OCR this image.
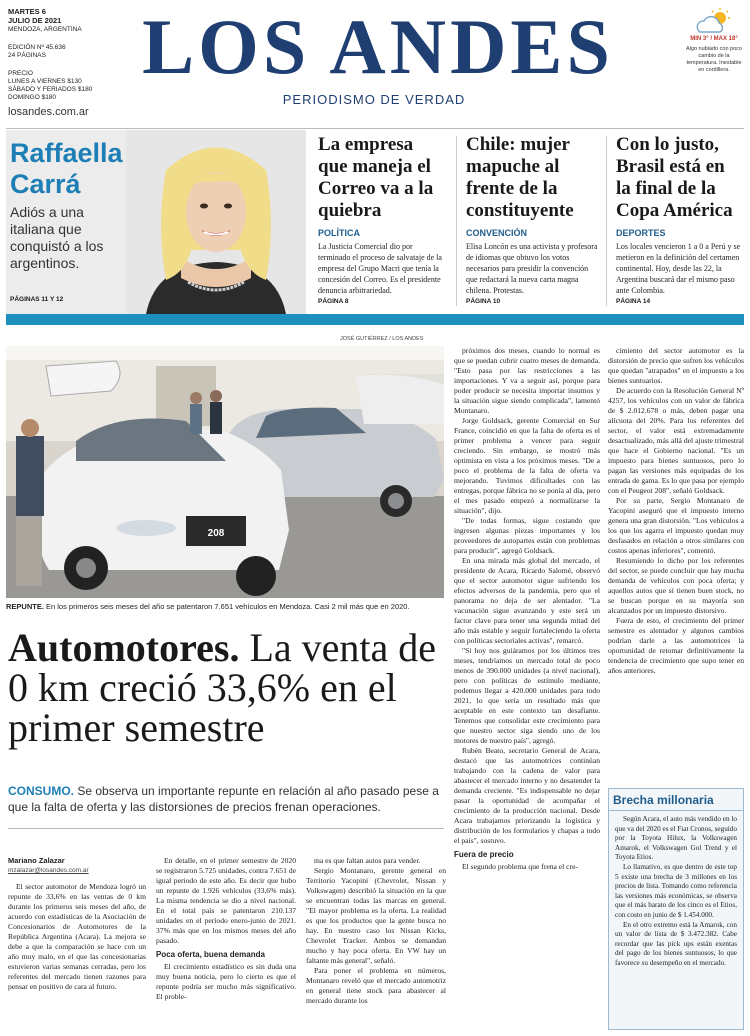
MARTES 6
JULIO DE 2021
MENDOZA, ARGENTINA
EDICIÓN Nº 45.636
24 PÁGINAS
PRECIO
LUNES A VIERNES $130
SÁBADO Y FERIADOS $180
DOMINGO $180
LOS ANDES
PERIODISMO DE VERDAD
losandes.com.ar
MIN 3° / MAX 18°
Algo nublado con poco cambio de la temperatura. Inestable en cordillera.
Raffaella
Carrá
Adiós a una italiana que conquistó a los argentinos.
PÁGINAS 11 Y 12
La empresa que maneja el Correo va a la quiebra
POLÍTICA

La Justicia Comercial dio por terminado el proceso de salvataje de la empresa del Grupo Macri que tenía la concesión del Correo. Es el presidente denuncia arbitrariedad.

PÁGINA 8
Chile: mujer mapuche al frente de la constituyente
CONVENCIÓN

Elisa Loncón es una activista y profesora de idiomas que obtuvo los votos necesarios para presidir la convención que redactará la nueva carta magna chilena. Protestas.

PÁGINA 10
Con lo justo, Brasil está en la final de la Copa América
DEPORTES

Los locales vencieron 1 a 0 a Perú y se metieron en la definición del certamen continental. Hoy, desde las 22, la Argentina buscará dar el mismo paso ante Colombia.

PÁGINA 14
JOSÉ GUTIÉRREZ / LOS ANDES
208
REPUNTE. En los primeros seis meses del año se patentaron 7.651 vehículos en Mendoza. Casi 2 mil más que en 2020.
Automotores. La venta de 0 km creció 33,6% en el primer semestre
CONSUMO. Se observa un importante repunte en relación al año pasado pese a que la falta de oferta y las distorsiones de precios frenan operaciones.
Mariano Zalazar
mzalazar@losandes.com.ar

El sector automotor de Mendoza logró un repunte de 33,6% en las ventas de 0 km durante los primeros seis meses del año, de acuerdo con estadísticas de la Asociación de Concesionarios de Automotores de la República Argentina (Acara). La mejora se debe a que la comparación se hace con un año muy malo, en el que las concesionarias estuvieron varias semanas cerradas, pero los referentes del mercado tienen razones para pensar en positivo de cara al futuro.

En detalle, en el primer semestre de 2020 se registraron 5.725 unidades, contra 7.651 de igual periodo de este año. Es decir que hubo un repunte de 1.926 vehículos (33,6% más). La misma tendencia se dio a nivel nacional. En el total país se patentaron 210.137 unidades en el período enero-junio de 2021. 37% más que en los mismos meses del año pasado.

Poca oferta, buena demanda

El crecimiento estadístico es sin duda una muy buena noticia, pero lo cierto es que el repunte podría ser mucho más significativo. El proble-

ma es que faltan autos para vender.

Sergio Montanaro, gerente general en Territorio Yacopini (Chevrolet, Nissan y Volkswagen) describió la situación en la que se encuentran todas las marcas en general. "El mayor problema es la oferta. La realidad es que los productos que la gente busca no hay. En nuestro caso los Nissan Kicks, Chevrolet Tracker. Ambos se demandan mucho y hay poca oferta. En VW hay un faltante más general", señaló.

Para poner el problema en números, Montanaro reveló que el mercado automotriz en general tiene stock para abastecer al mercado durante los

próximos dos meses, cuando lo normal es que se puedan cubrir cuatro meses de demanda. "Esto pasa por las restricciones a las importaciones. Y va a seguir así, porque para poder producir se necesita importar insumos y la situación sigue siendo complicada", lamentó Montanaro.

Jorge Goldsack, gerente Comercial en Sur France, coincidió en que la falta de oferta es el primer problema a vencer para seguir creciendo. Sin embargo, se mostró más optimista en vista a los próximos meses. "De a poco el problema de la falta de oferta va mejorando. Tuvimos dificultades con las entregas, porque fábrica no se ponía al día, pero el mes pasado empezó a normalizarse la situación", dijo.

"De todas formas, sigue costando que ingresen algunas piezas importantes y los proveedores de autopartes están con problemas para producir", agregó Goldsack.

En una mirada más global del mercado, el presidente de Acara, Ricardo Salomé, observó que el sector automotor sigue sufriendo los efectos adversos de la pandemia, pero que el panorama no deja de ser alentador. "La vacunación sigue avanzando y este será un factor clave para tener una segunda mitad del año más estable y seguir fortaleciendo la oferta con políticas sectoriales activas", remarcó.

"Si hoy nos guiáramos por los últimos tres meses, tendríamos un mercado total de poco menos de 390.000 unidades (a nivel nacional), pero con políticas de estímulo mediante, podemos llegar a 420.000 unidades para todo 2021, lo que sería un resultado más que aceptable en este contexto tan desafiante. Tenemos que consolidar este crecimiento para que nuestro sector siga siendo uno de los motores de nuestro país", agregó.

Rubén Beato, secretario General de Acara, destacó que las automotrices continúan trabajando con la cadena de valor para abastecer el mercado interno y no desatender la demanda creciente. "Es indispensable no dejar pasar la oportunidad de acompañar el crecimiento de la producción nacional. Desde Acara trabajamos priorizando la logística y distribución de los formularios y chapas a todo el país", sostuvo.

Fuera de precio

El segundo problema que frena el cre-

cimiento del sector automotor es la distorsión de precio que sufren los vehículos que quedan "atrapados" en el impuesto a los bienes suntuarios.

De acuerdo con la Resolución General Nº 4257, los vehículos con un valor de fábrica de $ 2.012.678 o más, deben pagar una alícuota del 20%. Para los referentes del sector, el valor está extremadamente desactualizado, más allá del ajuste trimestral que hace el Gobierno nacional. "Es un impuesto para bienes suntuosos, pero lo pagan las versiones más equipadas de los entrada de gama. Es lo que pasa por ejemplo con el Peugeot 208", señaló Goldsack.

Por su parte, Sergio Montanaro de Yacopini aseguró que el impuesto interno genera una gran distorsión. "Los vehículos a los que los agarra el impuesto quedan muy desfasados en relación a otros similares con costos apenas inferiores", comentó.

Resumiendo lo dicho por los referentes del sector, se puede concluir que hay mucha demanda de vehículos con poca oferta; y aquellos autos que sí tienen buen stock, no se buscan porque en su mayoría son alcanzados por un impuesto distorsivo.

Fuera de esto, el crecimiento del primer semestre es alentador y algunos cambios podrían darle a las automotrices la oportunidad de retomar definitivamente la tendencia de crecimiento que supo tener en años anteriores.

Brecha millonaria

Según Acara, el auto más vendido en lo que va del 2020 es el Fiat Cronos, seguido por la Toyota Hilux, la Volkswagen Amarok, el Volkswagen Gol Trend y el Toyota Etios.

Lo llamativo, es que dentro de este top 5 existe una brecha de 3 millones en los precios de lista. Tomando como referencia las versiones más económicas, se observa que el más barato de los cinco es el Etios, con costo en junio de $ 1.454.000.

En el otro extremo está la Amarok, con un valor de lista de $ 3.472.382. Cabe recordar que las pick ups están exentas del pago de los bienes suntuosos, lo que favorece su desempeño en el mercado.
